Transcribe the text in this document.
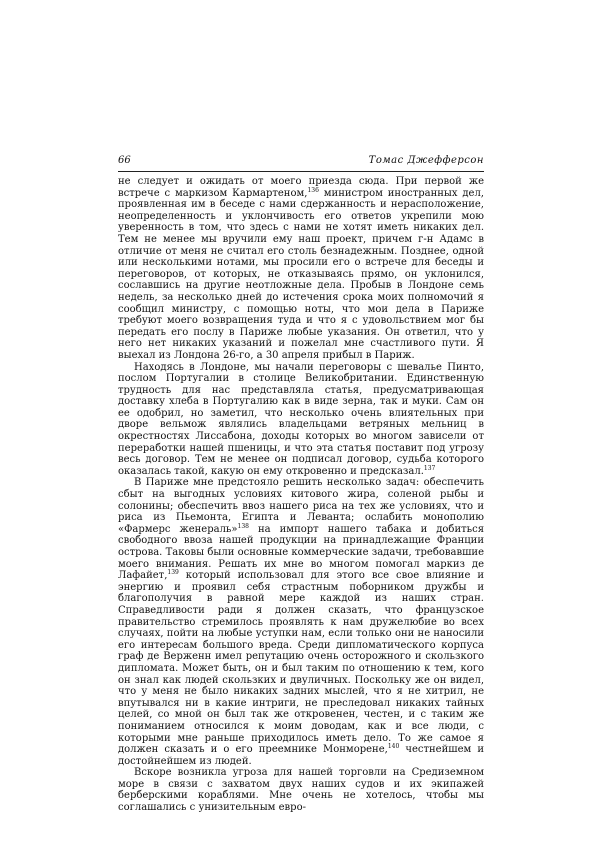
66	Томас Джефферсон

не следует и ожидать от моего приезда сюда. При первой же встрече с маркизом Кармартеном,$^{136}$ министром иностранных дел, проявленная им в беседе с нами сдержанность и нерасположение, неопределенность и уклончивость его ответов укрепили мою уверенность в том, что здесь с нами не хотят иметь никаких дел. Тем не менее мы вручили ему наш проект, причем г-н Адамс в отличие от меня не считал его столь безнадежным. Позднее, одной или несколькими нотами, мы просили его о встрече для беседы и переговоров, от которых, не отказываясь прямо, он уклонился, сославшись на другие неотложные дела. Пробыв в Лондоне семь недель, за несколько дней до истечения срока моих полномочий я сообщил министру, с помощью ноты, что мои дела в Париже требуют моего возвращения туда и что я с удовольствием мог бы передать его послу в Париже любые указания. Он ответил, что у него нет никаких указаний и пожелал мне счастливого пути. Я выехал из Лондона 26-го, а 30 апреля прибыл в Париж.

Находясь в Лондоне, мы начали переговоры с шевалье Пинто, послом Португалии в столице Великобритании. Единственную трудность для нас представляла статья, предусматривающая доставку хлеба в Португалию как в виде зерна, так и муки. Сам он ее одобрил, но заметил, что несколько очень влиятельных при дворе вельмож являлись владельцами ветряных мельниц в окрестностях Лиссабона, доходы которых во многом зависели от переработки нашей пшеницы, и что эта статья поставит под угрозу весь договор. Тем не менее он подписал договор, судьба которого оказалась такой, какую он ему откровенно и предсказал.$^{137}$

В Париже мне предстояло решить несколько задач: обеспечить сбыт на выгодных условиях китового жира, соленой рыбы и солонины; обеспечить ввоз нашего риса на тех же условиях, что и риса из Пьемонта, Египта и Леванта; ослабить монополию «Фармерс женераль»$^{138}$ на импорт нашего табака и добиться свободного ввоза нашей продукции на принадлежащие Франции острова. Таковы были основные коммерческие задачи, требовавшие моего внимания. Решать их мне во многом помогал маркиз де Лафайет,$^{139}$ который использовал для этого все свое влияние и энергию и проявил себя страстным поборником дружбы и благополучия в равной мере каждой из наших стран. Справедливости ради я должен сказать, что французское правительство стремилось проявлять к нам дружелюбие во всех случаях, пойти на любые уступки нам, если только они не наносили его интересам большого вреда. Среди дипломатического корпуса граф де Верженн имел репутацию очень осторожного и скользкого дипломата. Может быть, он и был таким по отношению к тем, кого он знал как людей скользких и двуличных. Поскольку же он видел, что у меня не было никаких задних мыслей, что я не хитрил, не впутывался ни в какие интриги, не преследовал никаких тайных целей, со мной он был так же откровенен, честен, и с таким же пониманием относился к моим доводам, как и все люди, с которыми мне раньше приходилось иметь дело. То же самое я должен сказать и о его преемнике Монморене,$^{140}$ честнейшем и достойнейшем из людей.

Вскоре возникла угроза для нашей торговли на Средиземном море в связи с захватом двух наших судов и их экипажей берберскими кораблями. Мне очень не хотелось, чтобы мы соглашались с унизительным евро-
